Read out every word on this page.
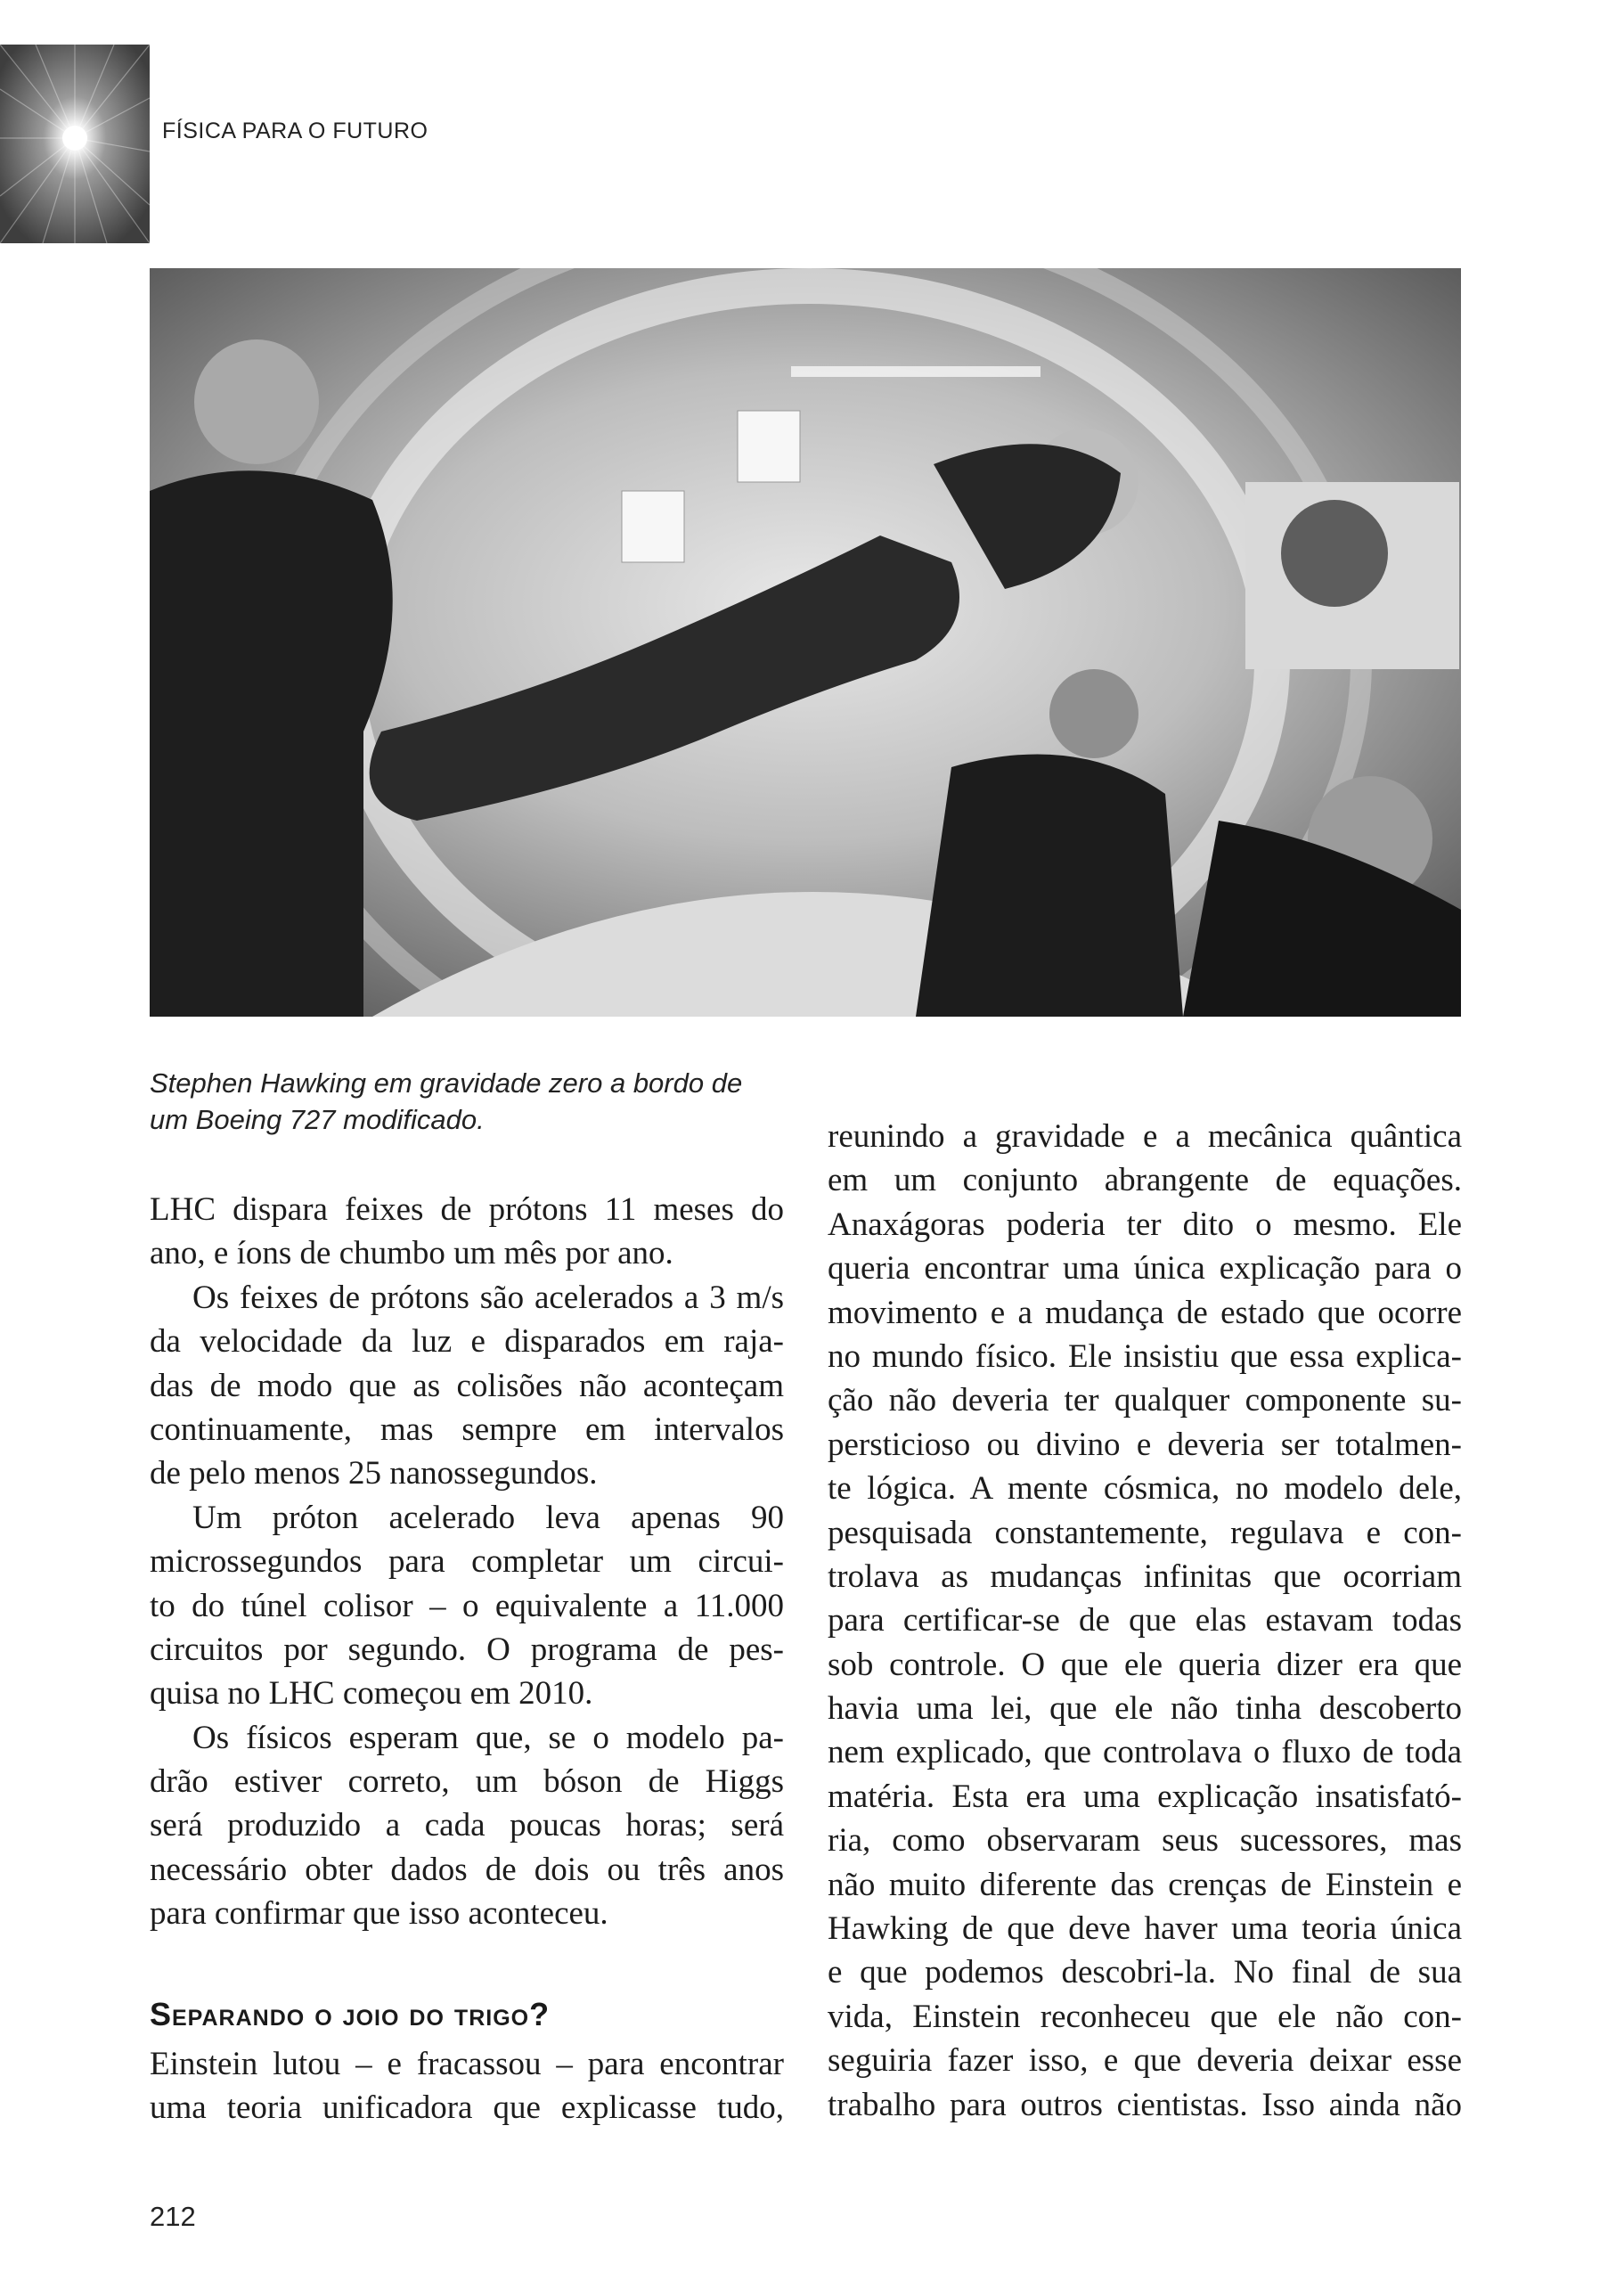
FÍSICA PARA O FUTURO
Stephen Hawking em gravidade zero a bordo de
um Boeing 727 modificado.
LHC dispara feixes de prótons 11 meses do
ano, e íons de chumbo um mês por ano.
Os feixes de prótons são acelerados a 3 m/s
da velocidade da luz e disparados em raja-
das de modo que as colisões não aconteçam
continuamente, mas sempre em intervalos
de pelo menos 25 nanossegundos.
Um próton acelerado leva apenas 90
microssegundos para completar um circui-
to do túnel colisor – o equivalente a 11.000
circuitos por segundo. O programa de pes-
quisa no LHC começou em 2010.
Os físicos esperam que, se o modelo pa-
drão estiver correto, um bóson de Higgs
será produzido a cada poucas horas; será
necessário obter dados de dois ou três anos
para confirmar que isso aconteceu.
Separando o joio do trigo?
Einstein lutou – e fracassou – para encontrar
uma teoria unificadora que explicasse tudo,
reunindo a gravidade e a mecânica quântica
em um conjunto abrangente de equações.
Anaxágoras poderia ter dito o mesmo. Ele
queria encontrar uma única explicação para o
movimento e a mudança de estado que ocorre
no mundo físico. Ele insistiu que essa explica-
ção não deveria ter qualquer componente su-
persticioso ou divino e deveria ser totalmen-
te lógica. A mente cósmica, no modelo dele,
pesquisada constantemente, regulava e con-
trolava as mudanças infinitas que ocorriam
para certificar-se de que elas estavam todas
sob controle. O que ele queria dizer era que
havia uma lei, que ele não tinha descoberto
nem explicado, que controlava o fluxo de toda
matéria. Esta era uma explicação insatisfató-
ria, como observaram seus sucessores, mas
não muito diferente das crenças de Einstein e
Hawking de que deve haver uma teoria única
e que podemos descobri-la. No final de sua
vida, Einstein reconheceu que ele não con-
seguiria fazer isso, e que deveria deixar esse
trabalho para outros cientistas. Isso ainda não
212
